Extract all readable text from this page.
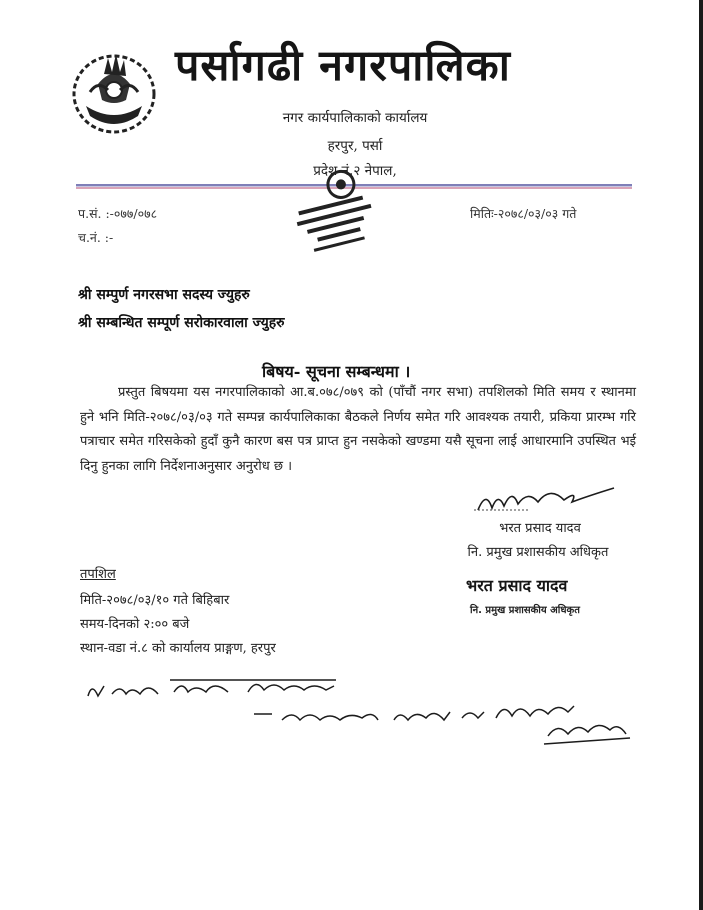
पर्सागढी नगरपालिका
नगर कार्यपालिकाको कार्यालय
हरपुर, पर्सा
प्रदेश नं.२ नेपाल,
प.सं. :-०७७/०७८
च.नं. :-
मितिः-२०७८/०३/०३ गते
श्री सम्पुर्ण नगरसभा सदस्य ज्युहरु
श्री सम्बन्धित सम्पूर्ण सरोकारवाला ज्युहरु
बिषय- सूचना सम्बन्धमा ।
प्रस्तुत बिषयमा यस नगरपालिकाको आ.ब.०७८/०७९ को (पाँचौं नगर सभा) तपशिलको मिति समय र स्थानमा हुने भनि मिति-२०७८/०३/०३ गते सम्पन्न कार्यपालिकाका बैठकले निर्णय समेत गरि आवश्यक तयारी, प्रकिया प्रारम्भ गरि पत्राचार समेत गरिसकेको हुदाँ कुनै कारण बस पत्र प्राप्त हुन नसकेको खण्डमा यसै सूचना लाई आधारमानि उपस्थित भई दिनु हुनका लागि निर्देशनाअनुसार अनुरोध छ ।
भरत प्रसाद यादव
नि. प्रमुख प्रशासकीय अधिकृत
भरत प्रसाद यादव
नि. प्रमुख प्रशासकीय अधिकृत
तपशिल
मिति-२०७८/०३/१० गते बिहिबार
समय-दिनको २:०० बजे
स्थान-वडा नं.८ को कार्यालय प्राङ्गण, हरपुर
